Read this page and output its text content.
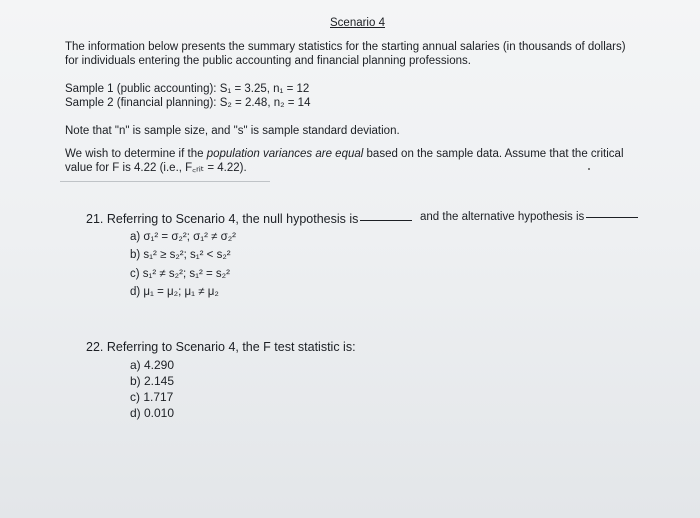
Scenario 4
The information below presents the summary statistics for the starting annual salaries (in thousands of dollars)
for individuals entering the public accounting and financial planning professions.
Sample 1 (public accounting): S₁ = 3.25, n₁ = 12
Sample 2 (financial planning): S₂ = 2.48, n₂ = 14
Note that "n" is sample size, and "s" is sample standard deviation.
We wish to determine if the population variances are equal based on the sample data. Assume that the critical
value for F is 4.22 (i.e., F꜀ᵣᵢₜ = 4.22).
21. Referring to Scenario 4, the null hypothesis is	and the alternative hypothesis is
a) σ₁² = σ₂²; σ₁² ≠ σ₂²
b) s₁² ≥ s₂²; s₁² < s₂²
c) s₁² ≠ s₂²; s₁² = s₂²
d) μ₁ = μ₂; μ₁ ≠ μ₂
22. Referring to Scenario 4, the F test statistic is:
a) 4.290
b) 2.145
c) 1.717
d) 0.010
